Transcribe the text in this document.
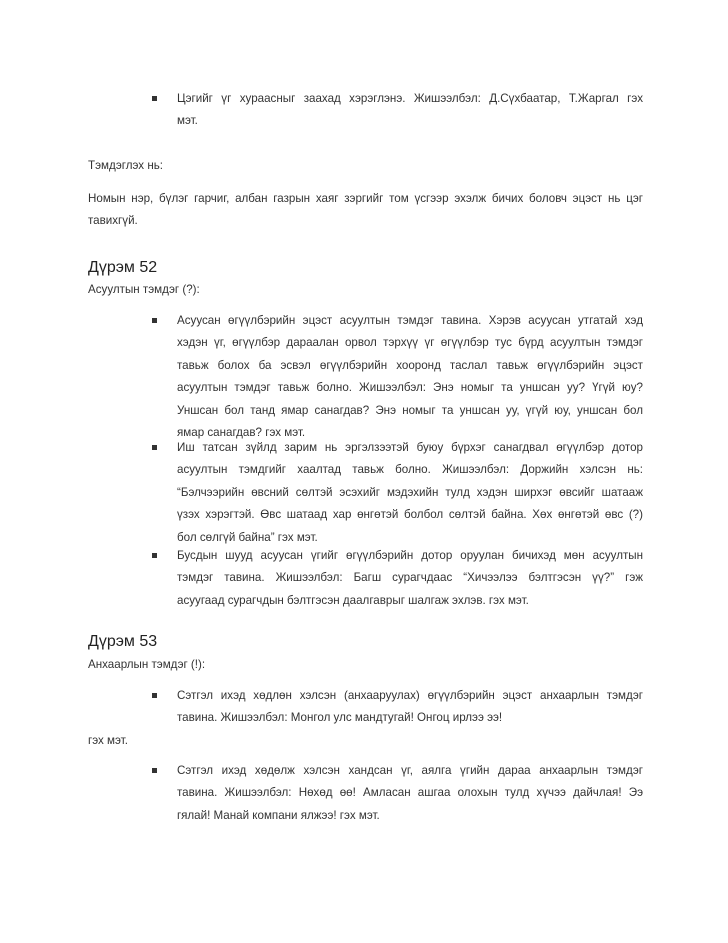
Цэгийг үг хураасныг заахад хэрэглэнэ. Жишээлбэл: Д.Сүхбаатар, Т.Жаргал гэх
мэт.
Тэмдэглэх нь:
Номын нэр, бүлэг гарчиг, албан газрын хаяг зэргийг том үсгээр эхэлж бичих боловч эцэст нь цэг
тавихгүй.
Дүрэм 52
Асуултын тэмдэг (?):
Асуусан өгүүлбэрийн эцэст асуултын тэмдэг тавина. Хэрэв асуусан утгатай хэд
хэдэн үг, өгүүлбэр дараалан орвол тэрхүү үг өгүүлбэр тус бүрд асуултын тэмдэг
тавьж болох ба эсвэл өгүүлбэрийн хооронд таслал тавьж өгүүлбэрийн эцэст
асуултын тэмдэг тавьж болно. Жишээлбэл: Энэ номыг та уншсан уу? Үгүй юу?
Уншсан бол танд ямар санагдав? Энэ номыг та уншсан уу, үгүй юу, уншсан бол
ямар санагдав? гэх мэт.
Иш татсан зүйлд зарим нь эргэлзээтэй буюу бүрхэг санагдвал өгүүлбэр дотор
асуултын тэмдгийг хаалтад тавьж болно. Жишээлбэл: Доржийн хэлсэн нь:
“Бэлчээрийн өвсний сөлтэй эсэхийг мэдэхийн тулд хэдэн ширхэг өвсийг шатааж
үзэх хэрэгтэй. Өвс шатаад хар өнгөтэй болбол сөлтэй байна. Хөх өнгөтэй өвс (?)
бол сөлгүй байна” гэх мэт.
Бусдын шууд асуусан үгийг өгүүлбэрийн дотор оруулан бичихэд мөн асуултын
тэмдэг тавина. Жишээлбэл: Багш сурагчдаас “Хичээлээ бэлтгэсэн үү?” гэж
асуугаад сурагчдын бэлтгэсэн даалгаврыг шалгаж эхлэв. гэх мэт.
Дүрэм 53
Анхаарлын тэмдэг (!):
Сэтгэл ихэд хөдлөн хэлсэн (анхааруулах) өгүүлбэрийн эцэст анхаарлын тэмдэг
тавина. Жишээлбэл: Монгол улс мандтугай! Онгоц ирлээ ээ!
гэх мэт.
Сэтгэл ихэд хөдөлж хэлсэн хандсан үг, аялга үгийн дараа анхаарлын тэмдэг
тавина. Жишээлбэл: Нөхөд өө! Амласан ашгаа олохын тулд хүчээ дайчлая! Ээ
гялай! Манай компани ялжээ! гэх мэт.
